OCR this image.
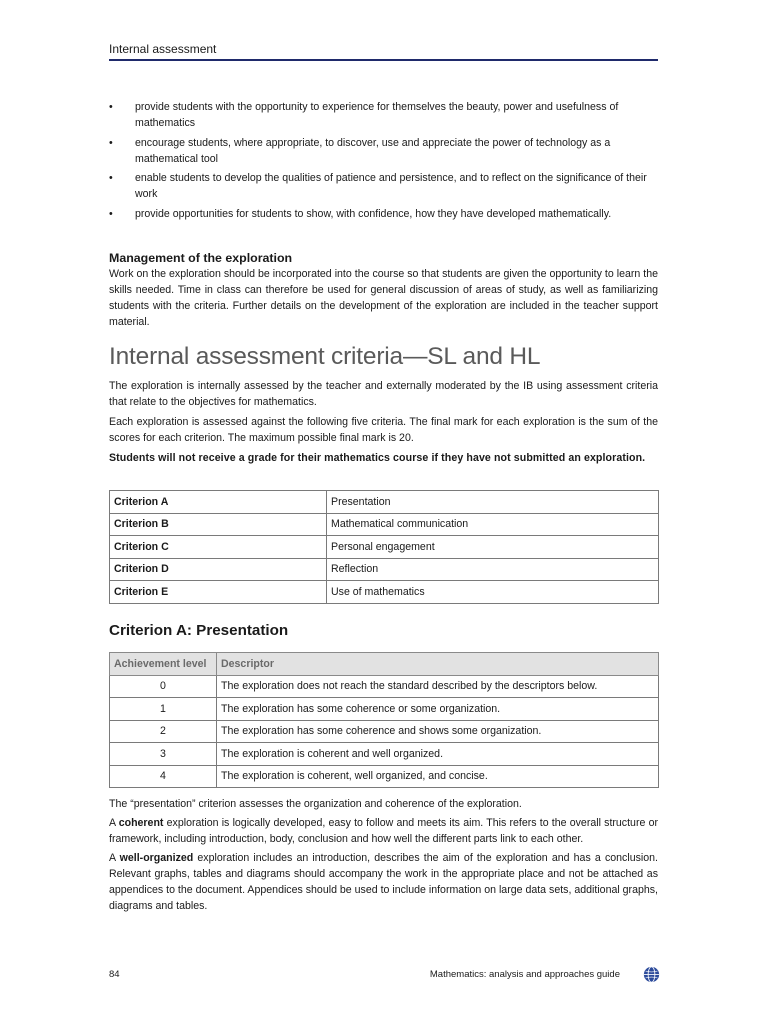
Internal assessment
• provide students with the opportunity to experience for themselves the beauty, power and usefulness of mathematics
• encourage students, where appropriate, to discover, use and appreciate the power of technology as a mathematical tool
• enable students to develop the qualities of patience and persistence, and to reflect on the significance of their work
• provide opportunities for students to show, with confidence, how they have developed mathematically.
Management of the exploration

Work on the exploration should be incorporated into the course so that students are given the opportunity to learn the skills needed. Time in class can therefore be used for general discussion of areas of study, as well as familiarizing students with the criteria. Further details on the development of the exploration are included in the teacher support material.

Internal assessment criteria—SL and HL

The exploration is internally assessed by the teacher and externally moderated by the IB using assessment criteria that relate to the objectives for mathematics.

Each exploration is assessed against the following five criteria. The final mark for each exploration is the sum of the scores for each criterion. The maximum possible final mark is 20.

Students will not receive a grade for their mathematics course if they have not submitted an exploration.

Criterion A	Presentation
Criterion B	Mathematical communication
Criterion C	Personal engagement
Criterion D	Reflection
Criterion E	Use of mathematics
Criterion A: Presentation
Achievement level	Descriptor
0	The exploration does not reach the standard described by the descriptors below.
1	The exploration has some coherence or some organization.
2	The exploration has some coherence and shows some organization.
3	The exploration is coherent and well organized.
4	The exploration is coherent, well organized, and concise.

The “presentation” criterion assesses the organization and coherence of the exploration.

A coherent exploration is logically developed, easy to follow and meets its aim. This refers to the overall structure or framework, including introduction, body, conclusion and how well the different parts link to each other.

A well-organized exploration includes an introduction, describes the aim of the exploration and has a conclusion. Relevant graphs, tables and diagrams should accompany the work in the appropriate place and not be attached as appendices to the document. Appendices should be used to include information on large data sets, additional graphs, diagrams and tables.

84	Mathematics: analysis and approaches guide
